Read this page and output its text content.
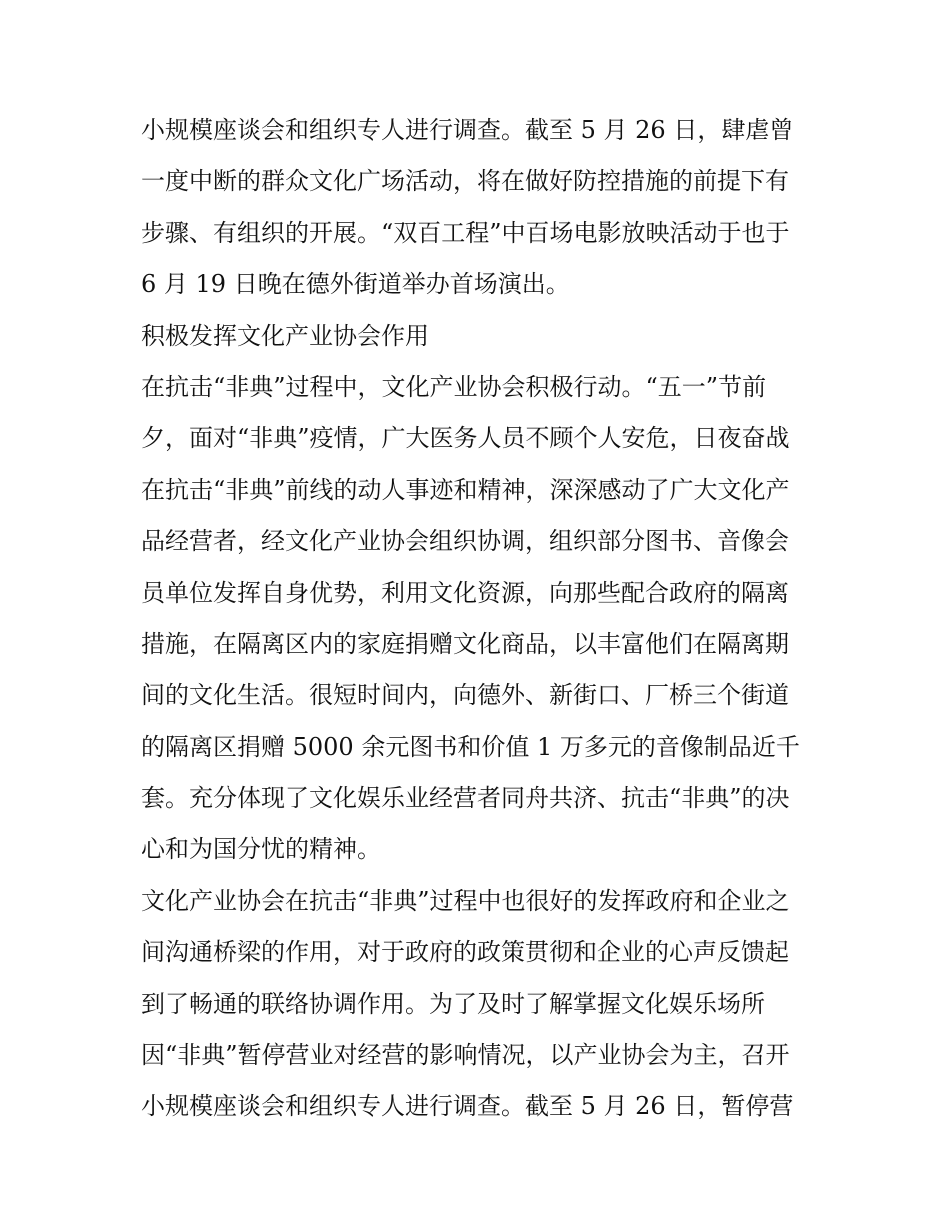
小规模座谈会和组织专人进行调查。截至 5 月 26 日，肆虐曾
一度中断的群众文化广场活动，将在做好防控措施的前提下有
步骤、有组织的开展。“双百工程”中百场电影放映活动于也于
6 月 19 日晚在德外街道举办首场演出。
积极发挥文化产业协会作用
在抗击“非典”过程中，文化产业协会积极行动。“五一”节前
夕，面对“非典”疫情，广大医务人员不顾个人安危，日夜奋战
在抗击“非典”前线的动人事迹和精神，深深感动了广大文化产
品经营者，经文化产业协会组织协调，组织部分图书、音像会
员单位发挥自身优势，利用文化资源，向那些配合政府的隔离
措施，在隔离区内的家庭捐赠文化商品，以丰富他们在隔离期
间的文化生活。很短时间内，向德外、新街口、厂桥三个街道
的隔离区捐赠 5000 余元图书和价值 1 万多元的音像制品近千
套。充分体现了文化娱乐业经营者同舟共济、抗击“非典”的决
心和为国分忧的精神。
文化产业协会在抗击“非典”过程中也很好的发挥政府和企业之
间沟通桥梁的作用，对于政府的政策贯彻和企业的心声反馈起
到了畅通的联络协调作用。为了及时了解掌握文化娱乐场所
因“非典”暂停营业对经营的影响情况，以产业协会为主，召开
小规模座谈会和组织专人进行调查。截至 5 月 26 日，暂停营
